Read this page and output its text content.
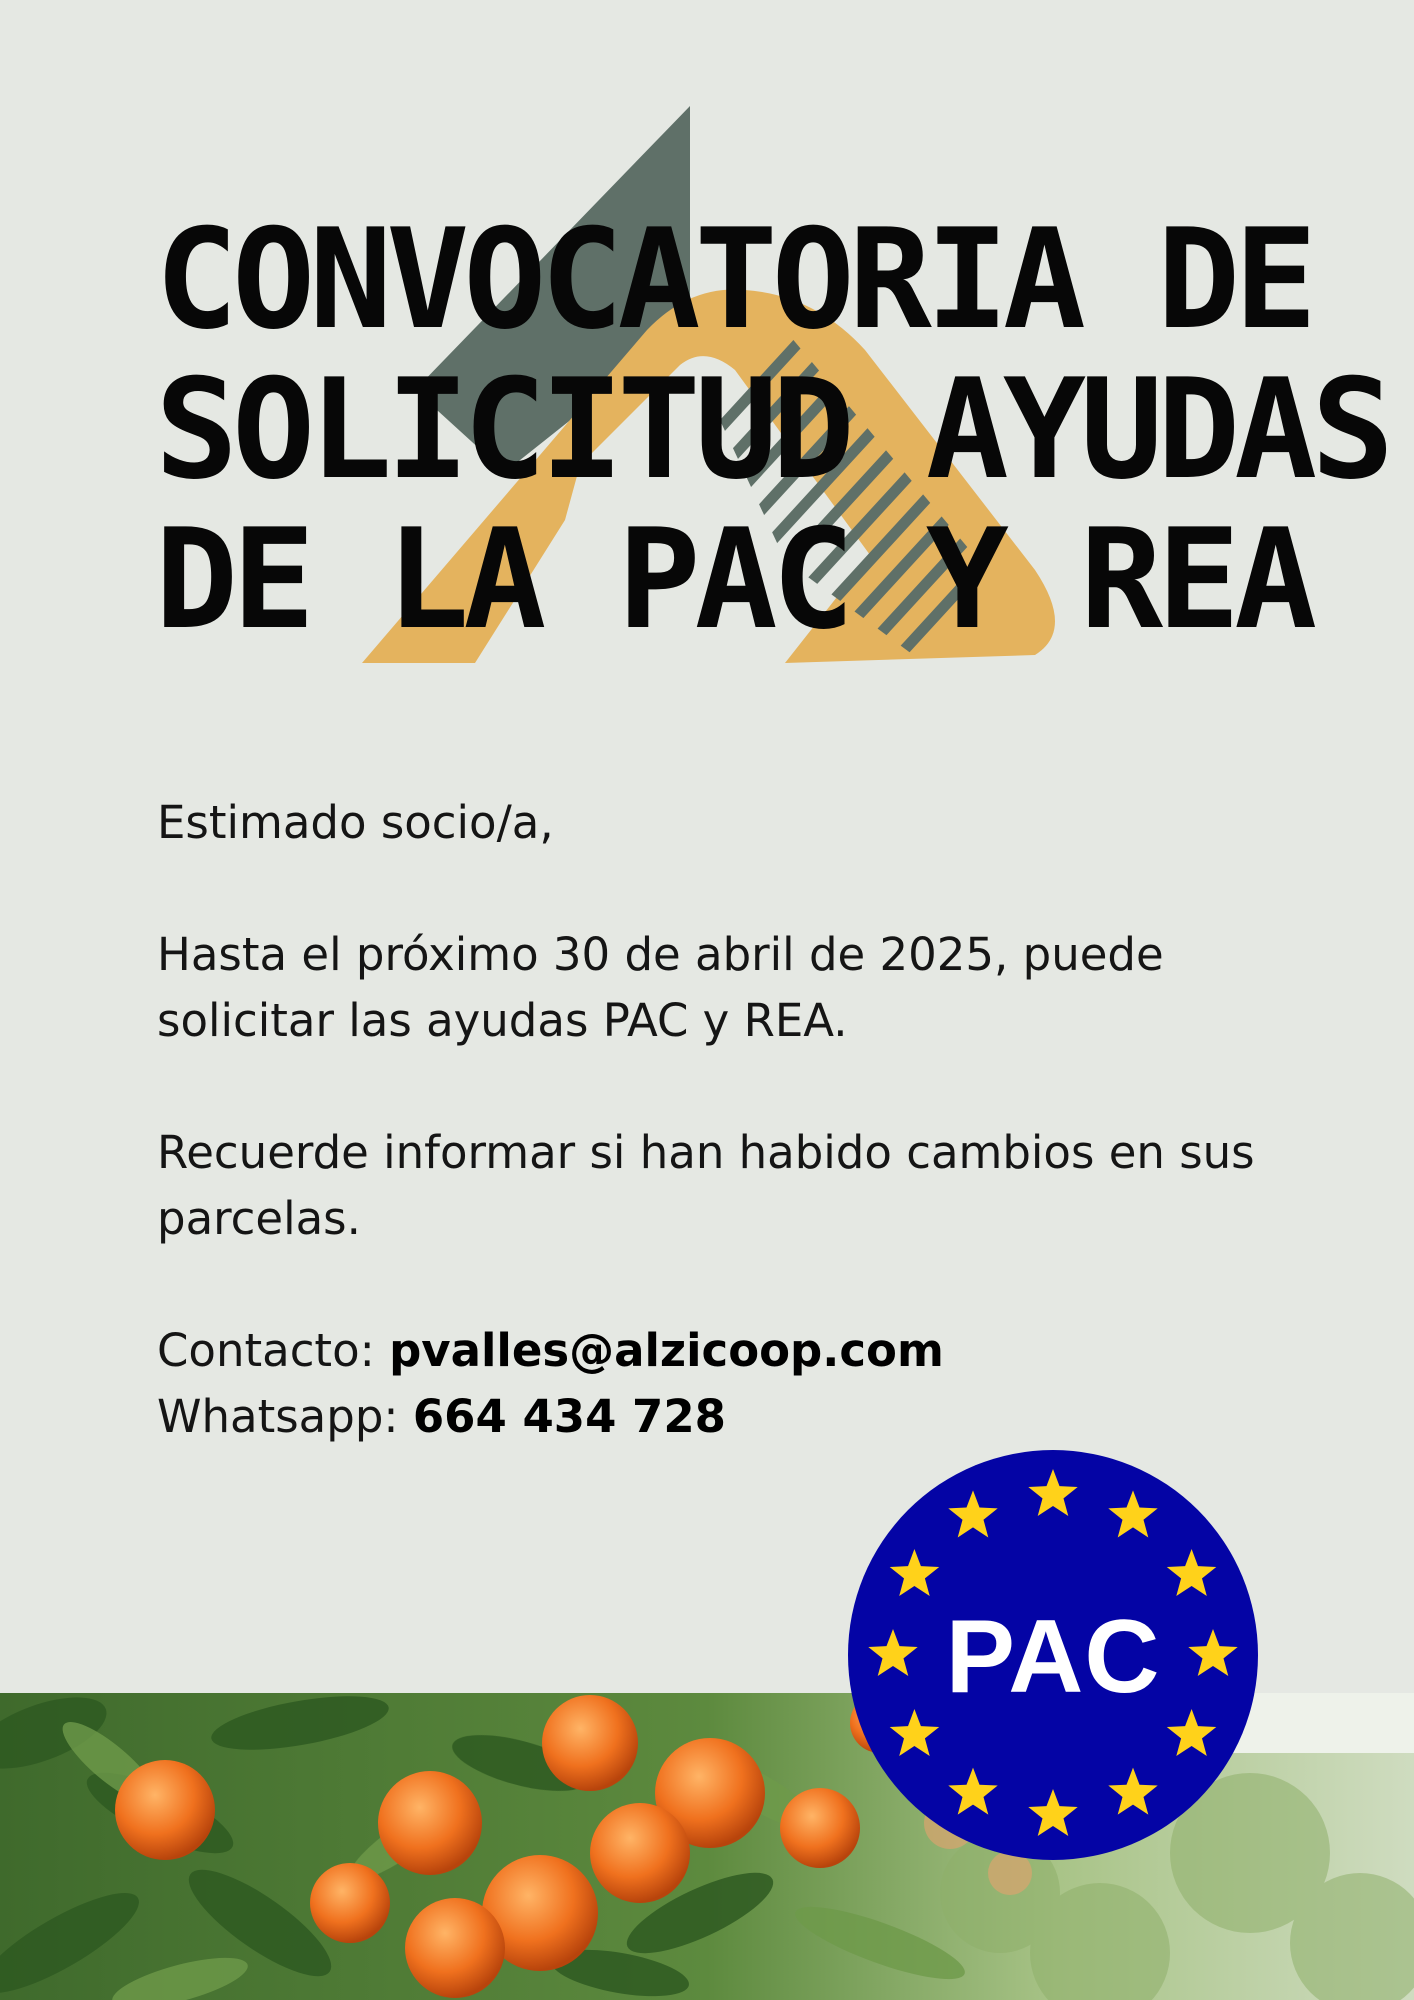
CONVOCATORIA DE
SOLICITUD AYUDAS
DE LA PAC Y REA

Estimado socio/a,

Hasta el próximo 30 de abril de 2025, puede solicitar las ayudas PAC y REA.

Recuerde informar si han habido cambios en sus parcelas.

Contacto: pvalles@alzicoop.com
Whatsapp: 664 434 728
PAC
